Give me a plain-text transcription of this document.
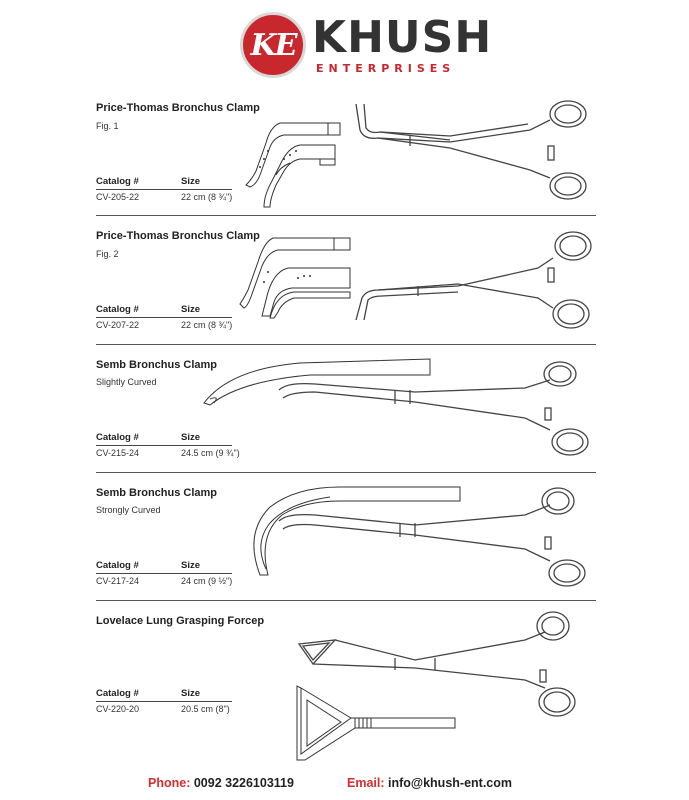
KE KHUSH
ENTERPRISES
Price-Thomas Bronchus Clamp
Fig. 1
Catalog #	Size
CV-205-22	22 cm (8 ¾")
Price-Thomas Bronchus Clamp
Fig. 2
Catalog #	Size
CV-207-22	22 cm (8 ¾")
Semb Bronchus Clamp
Slightly Curved
Catalog #	Size
CV-215-24	24.5 cm (9 ¾")
Semb Bronchus Clamp
Strongly Curved
Catalog #	Size
CV-217-24	24 cm (9 ½")
Lovelace Lung Grasping Forcep
Catalog #	Size
CV-220-20	20.5 cm (8")
Phone: 0092 3226103119	Email: info@khush-ent.com
